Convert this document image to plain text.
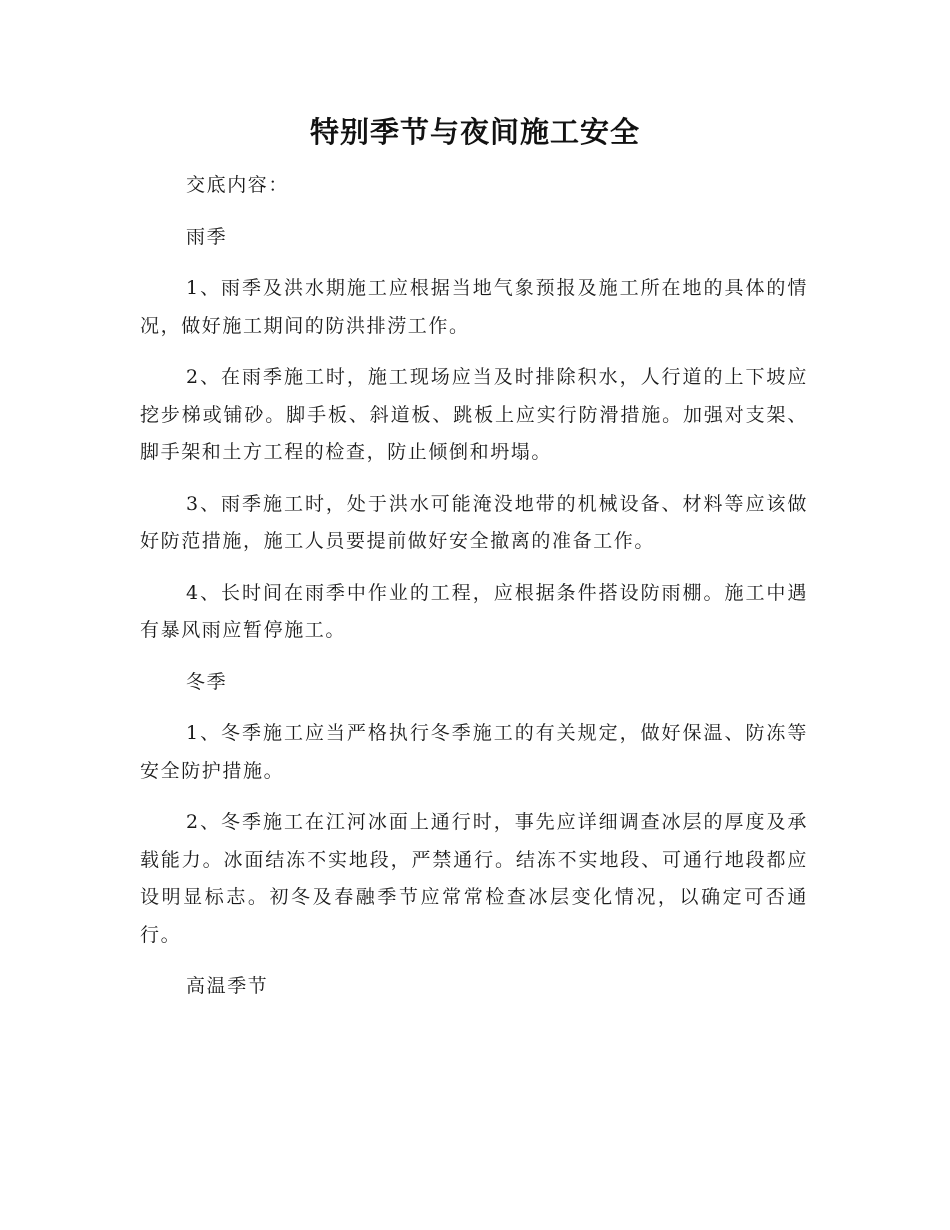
特别季节与夜间施工安全

交底内容：

雨季

1、雨季及洪水期施工应根据当地气象预报及施工所在地的具体的情况，做好施工期间的防洪排涝工作。

2、在雨季施工时，施工现场应当及时排除积水，人行道的上下坡应挖步梯或铺砂。脚手板、斜道板、跳板上应实行防滑措施。加强对支架、脚手架和土方工程的检查，防止倾倒和坍塌。

3、雨季施工时，处于洪水可能淹没地带的机械设备、材料等应该做好防范措施，施工人员要提前做好安全撤离的准备工作。

4、长时间在雨季中作业的工程，应根据条件搭设防雨棚。施工中遇有暴风雨应暂停施工。

冬季

1、冬季施工应当严格执行冬季施工的有关规定，做好保温、防冻等安全防护措施。

2、冬季施工在江河冰面上通行时，事先应详细调查冰层的厚度及承载能力。冰面结冻不实地段，严禁通行。结冻不实地段、可通行地段都应设明显标志。初冬及春融季节应常常检查冰层变化情况，以确定可否通行。

高温季节
